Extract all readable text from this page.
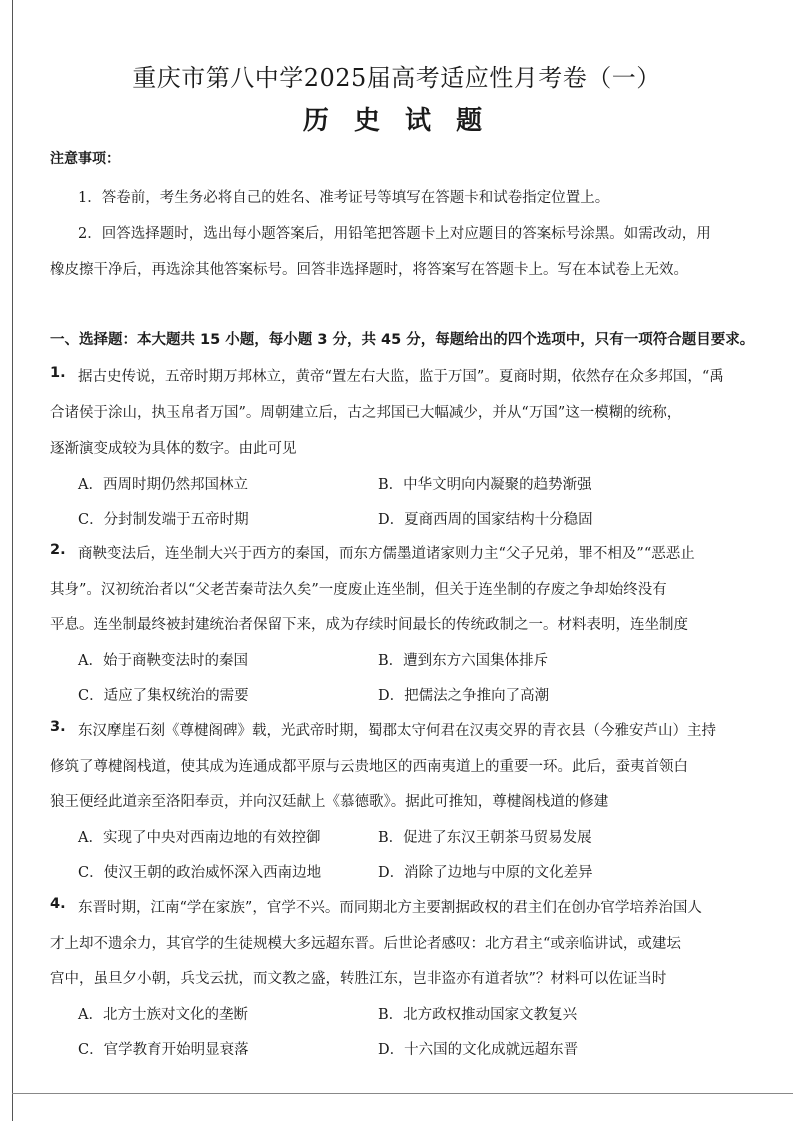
重庆市第八中学2025届高考适应性月考卷（一）
历 史 试 题
注意事项：
1．答卷前，考生务必将自己的姓名、准考证号等填写在答题卡和试卷指定位置上。
2．回答选择题时，选出每小题答案后，用铅笔把答题卡上对应题目的答案标号涂黑。如需改动，用
橡皮擦干净后，再选涂其他答案标号。回答非选择题时，将答案写在答题卡上。写在本试卷上无效。
一、选择题：本大题共 15 小题，每小题 3 分，共 45 分，每题给出的四个选项中，只有一项符合题目要求。
1. 据古史传说，五帝时期万邦林立，黄帝“置左右大监，监于万国”。夏商时期，依然存在众多邦国，“禹
合诸侯于涂山，执玉帛者万国”。周朝建立后，古之邦国已大幅减少，并从“万国”这一模糊的统称，
逐渐演变成较为具体的数字。由此可见
A．西周时期仍然邦国林立	B．中华文明向内凝聚的趋势渐强
C．分封制发端于五帝时期	D．夏商西周的国家结构十分稳固
2. 商鞅变法后，连坐制大兴于西方的秦国，而东方儒墨道诸家则力主“父子兄弟，罪不相及”“恶恶止
其身”。汉初统治者以“父老苦秦苛法久矣”一度废止连坐制，但关于连坐制的存废之争却始终没有
平息。连坐制最终被封建统治者保留下来，成为存续时间最长的传统政制之一。材料表明，连坐制度
A．始于商鞅变法时的秦国	B．遭到东方六国集体排斥
C．适应了集权统治的需要	D．把儒法之争推向了高潮
3. 东汉摩崖石刻《尊楗阁碑》载，光武帝时期，蜀郡太守何君在汉夷交界的青衣县（今雅安芦山）主持
修筑了尊楗阁栈道，使其成为连通成都平原与云贵地区的西南夷道上的重要一环。此后，蚕夷首领白
狼王便经此道亲至洛阳奉贡，并向汉廷献上《慕德歌》。据此可推知，尊楗阁栈道的修建
A．实现了中央对西南边地的有效控御	B．促进了东汉王朝茶马贸易发展
C．使汉王朝的政治威怀深入西南边地	D．消除了边地与中原的文化差异
4. 东晋时期，江南“学在家族”，官学不兴。而同期北方主要割据政权的君主们在创办官学培养治国人
才上却不遗余力，其官学的生徒规模大多远超东晋。后世论者感叹：北方君主“或亲临讲试，或建坛
宫中，虽旦夕小朝，兵戈云扰，而文教之盛，转胜江东，岂非盗亦有道者欤”？材料可以佐证当时
A．北方士族对文化的垄断	B．北方政权推动国家文教复兴
C．官学教育开始明显衰落	D．十六国的文化成就远超东晋
